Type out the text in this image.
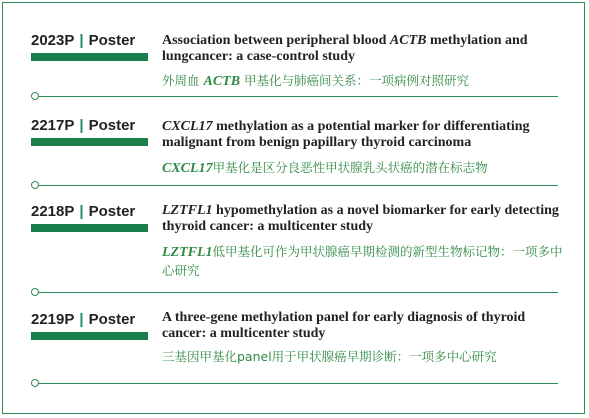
2023P | Poster	Association between peripheral blood ACTB methylation and lungcancer: a case-control study
外周血 ACTB 甲基化与肺癌间关系：一项病例对照研究
2217P | Poster	CXCL17 methylation as a potential marker for differentiating malignant from benign papillary thyroid carcinoma
CXCL17甲基化是区分良恶性甲状腺乳头状癌的潜在标志物
2218P | Poster	LZTFL1 hypomethylation as a novel biomarker for early detecting thyroid cancer: a multicenter study
LZTFL1低甲基化可作为甲状腺癌早期检测的新型生物标记物：一项多中心研究
2219P | Poster	A three-gene methylation panel for early diagnosis of thyroid cancer: a multicenter study
三基因甲基化panel用于甲状腺癌早期诊断：一项多中心研究
